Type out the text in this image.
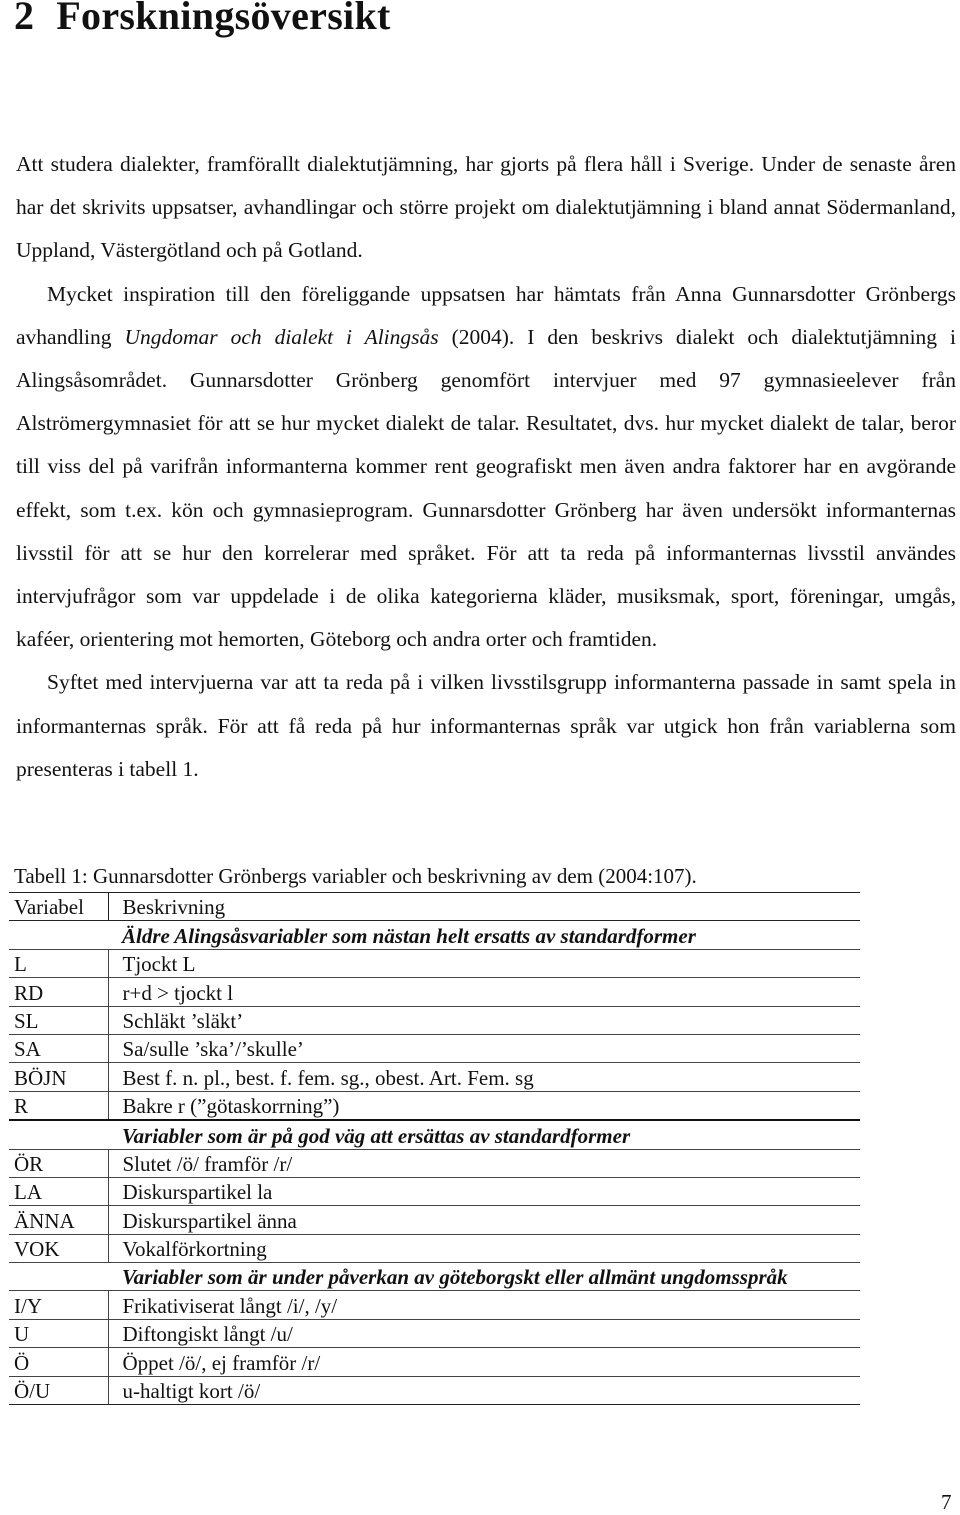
2 Forskningsöversikt

Att studera dialekter, framförallt dialektutjämning, har gjorts på flera håll i Sverige. Under de senaste åren har det skrivits uppsatser, avhandlingar och större projekt om dialektutjämning i bland annat Södermanland, Uppland, Västergötland och på Gotland.

Mycket inspiration till den föreliggande uppsatsen har hämtats från Anna Gunnarsdotter Grönbergs avhandling Ungdomar och dialekt i Alingsås (2004). I den beskrivs dialekt och dialektutjämning i Alingsåsområdet. Gunnarsdotter Grönberg genomfört intervjuer med 97 gymnasieelever från Alströmergymnasiet för att se hur mycket dialekt de talar. Resultatet, dvs. hur mycket dialekt de talar, beror till viss del på varifrån informanterna kommer rent geografiskt men även andra faktorer har en avgörande effekt, som t.ex. kön och gymnasieprogram. Gunnarsdotter Grönberg har även undersökt informanternas livsstil för att se hur den korrelerar med språket. För att ta reda på informanternas livsstil användes intervjufrågor som var uppdelade i de olika kategorierna kläder, musiksmak, sport, föreningar, umgås, kaféer, orientering mot hemorten, Göteborg och andra orter och framtiden.

Syftet med intervjuerna var att ta reda på i vilken livsstilsgrupp informanterna passade in samt spela in informanternas språk. För att få reda på hur informanternas språk var utgick hon från variablerna som presenteras i tabell 1.

Tabell 1: Gunnarsdotter Grönbergs variabler och beskrivning av dem (2004:107).
Variabel	Beskrivning
	Äldre Alingsåsvariabler som nästan helt ersatts av standardformer
L	Tjockt L
RD	r+d > tjockt l
SL	Schläkt ’släkt’
SA	Sa/sulle ’ska’/’skulle’
BÖJN	Best f. n. pl., best. f. fem. sg., obest. Art. Fem. sg
R	Bakre r (”götaskorrning”)
	Variabler som är på god väg att ersättas av standardformer
ÖR	Slutet /ö/ framför /r/
LA	Diskurspartikel la
ÄNNA	Diskurspartikel änna
VOK	Vokalförkortning
	Variabler som är under påverkan av göteborgskt eller allmänt ungdomsspråk
I/Y	Frikativiserat långt /i/, /y/
U	Diftongiskt långt /u/
Ö	Öppet /ö/, ej framför /r/
Ö/U	u-haltigt kort /ö/
7
